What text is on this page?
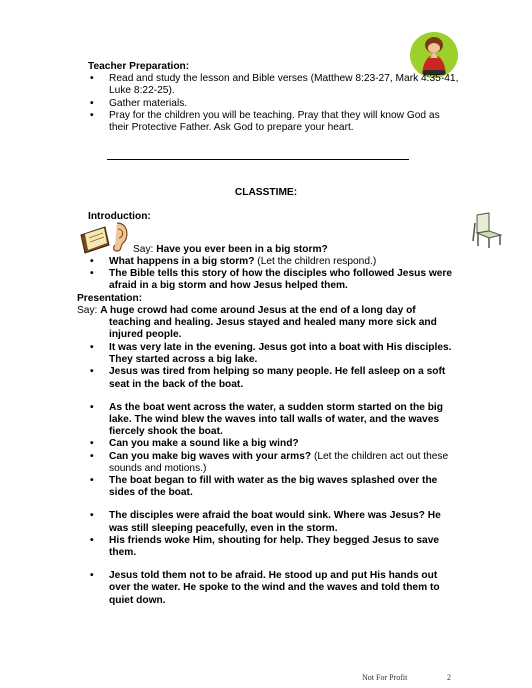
Teacher Preparation:
• Read and study the lesson and Bible verses (Matthew 8:23-27, Mark 4:35-41, Luke 8:22-25).
• Gather materials.
• Pray for the children you will be teaching. Pray that they will know God as their Protective Father. Ask God to prepare your heart.
CLASSTIME:
Introduction:
Say: Have you ever been in a big storm?
• What happens in a big storm? (Let the children respond.)
• The Bible tells this story of how the disciples who followed Jesus were afraid in a big storm and how Jesus helped them.
Presentation:
Say: A huge crowd had come around Jesus at the end of a long day of teaching and healing. Jesus stayed and healed many more sick and injured people.
• It was very late in the evening. Jesus got into a boat with His disciples. They started across a big lake.
• Jesus was tired from helping so many people. He fell asleep on a soft seat in the back of the boat.
• As the boat went across the water, a sudden storm started on the big lake. The wind blew the waves into tall walls of water, and the waves fiercely shook the boat.
• Can you make a sound like a big wind?
• Can you make big waves with your arms? (Let the children act out these sounds and motions.)
• The boat began to fill with water as the big waves splashed over the sides of the boat.
• The disciples were afraid the boat would sink. Where was Jesus? He was still sleeping peacefully, even in the storm.
• His friends woke Him, shouting for help. They begged Jesus to save them.
• Jesus told them not to be afraid. He stood up and put His hands out over the water. He spoke to the wind and the waves and told them to quiet down.
Not For Profit	2
